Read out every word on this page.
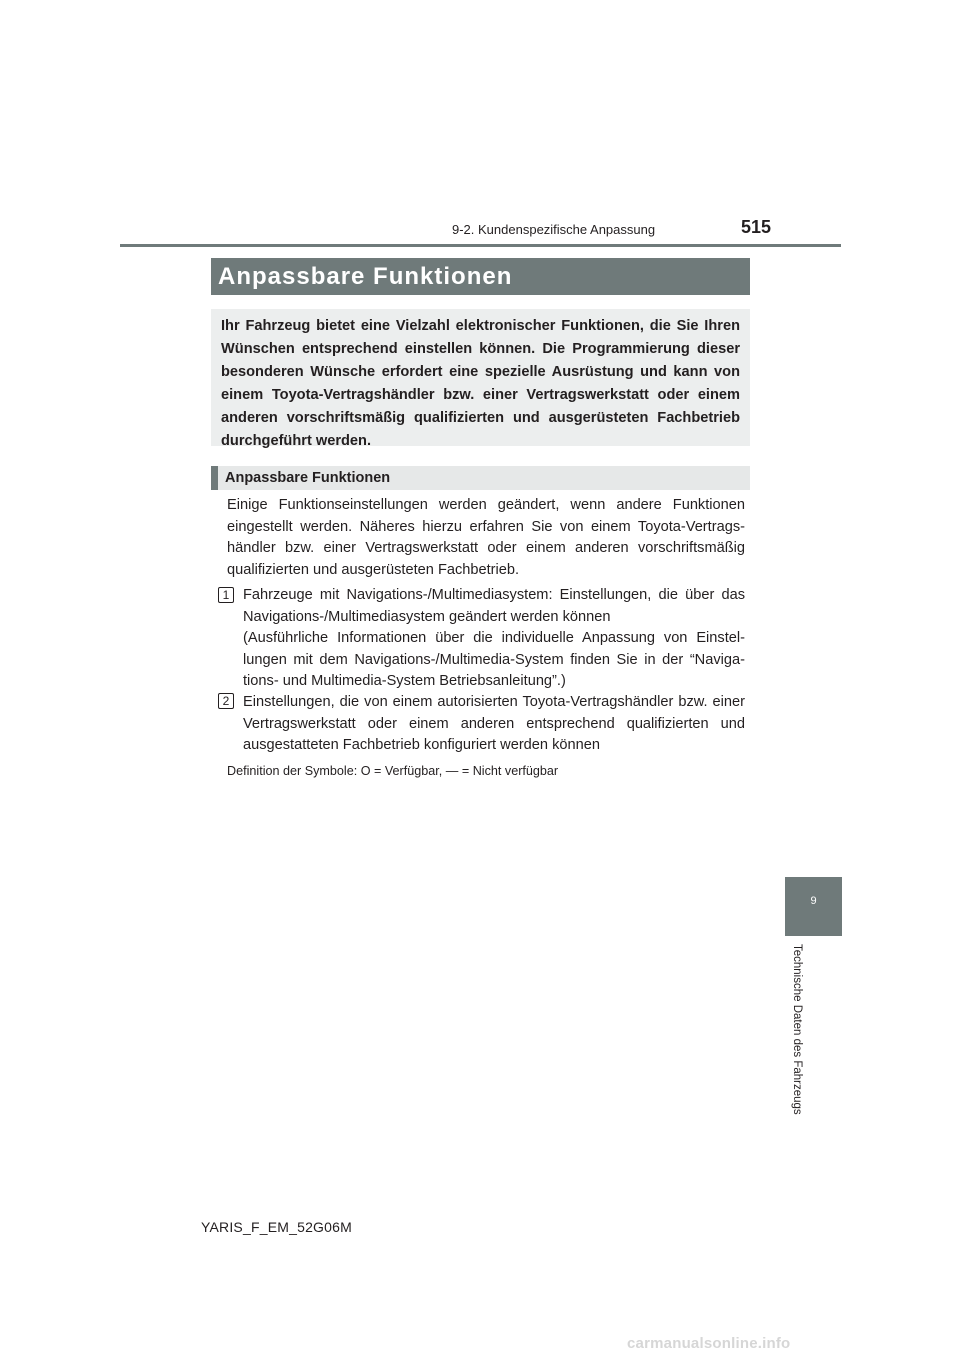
9-2. Kundenspezifische Anpassung	515
Anpassbare Funktionen
Ihr Fahrzeug bietet eine Vielzahl elektronischer Funktionen, die Sie Ihren Wünschen entsprechend einstellen können. Die Programmierung dieser besonderen Wünsche erfordert eine spezielle Ausrüstung und kann von einem Toyota-Vertragshändler bzw. einer Vertragswerkstatt oder einem anderen vorschriftsmäßig qualifizierten und ausgerüsteten Fachbetrieb durchgeführt werden.
Anpassbare Funktionen
Einige Funktionseinstellungen werden geändert, wenn andere Funktionen eingestellt werden. Näheres hierzu erfahren Sie von einem Toyota-Vertragshändler bzw. einer Vertragswerkstatt oder einem anderen vorschriftsmäßig qualifizierten und ausgerüsteten Fachbetrieb.
1 Fahrzeuge mit Navigations-/Multimediasystem: Einstellungen, die über das Navigations-/Multimediasystem geändert werden können
(Ausführliche Informationen über die individuelle Anpassung von Einstellungen mit dem Navigations-/Multimedia-System finden Sie in der “Navigations- und Multimedia-System Betriebsanleitung”.)
2 Einstellungen, die von einem autorisierten Toyota-Vertragshändler bzw. einer Vertragswerkstatt oder einem anderen entsprechend qualifizierten und ausgestatteten Fachbetrieb konfiguriert werden können
Definition der Symbole: O = Verfügbar, — = Nicht verfügbar
9
Technische Daten des Fahrzeugs
YARIS_F_EM_52G06M
carmanualsonline.info
